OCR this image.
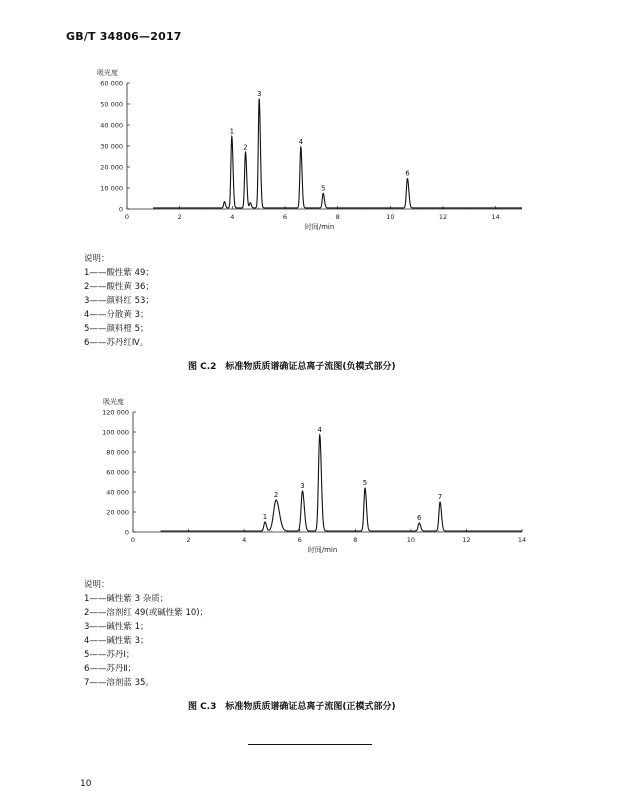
GB/T 34806—2017
0
10 000
20 000
30 000
40 000
50 000
60 000
0	2	4	6	8	10	12	14
吸光度
时间/min
1
2
3
4
5
6
0
20 000
40 000
60 000
80 000
100 000
120 000
0	2	4	6	8	10	12	14
吸光度
时间/min
1
2
3
4
5
6
7
说明：
1——酸性紫 49；
2——酸性黄 36；
3——颜料红 53；
4——分散黄 3；
5——颜料橙 5；
6——苏丹红Ⅳ。
图 C.2　标准物质质谱确证总离子流图(负模式部分)
说明：
1——碱性紫 3 杂质；
2——溶剂红 49(或碱性紫 10)；
3——碱性紫 1；
4——碱性紫 3；
5——苏丹Ⅰ；
6——苏丹Ⅱ；
7——溶剂蓝 35。
图 C.3　标准物质质谱确证总离子流图(正模式部分)
10
